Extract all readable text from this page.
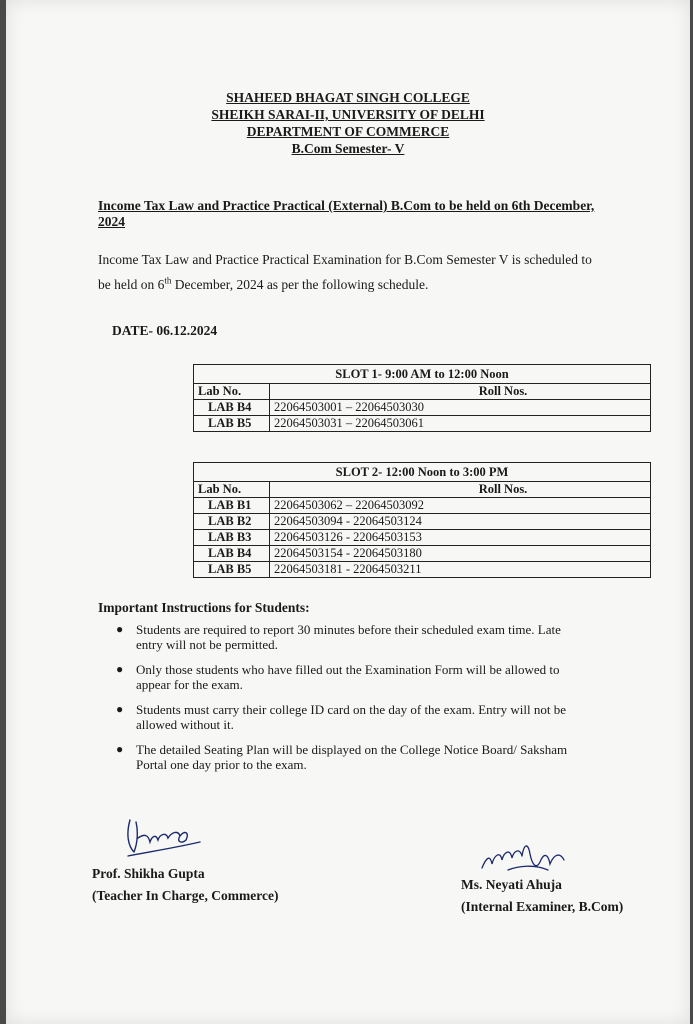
SHAHEED BHAGAT SINGH COLLEGE
SHEIKH SARAI-II, UNIVERSITY OF DELHI
DEPARTMENT OF COMMERCE
B.Com Semester- V
Income Tax Law and Practice Practical (External) B.Com to be held on 6th December, 2024
Income Tax Law and Practice Practical Examination for B.Com Semester V is scheduled to be held on 6th December, 2024 as per the following schedule.
DATE- 06.12.2024
SLOT 1- 9:00 AM to 12:00 Noon	
Lab No.	Roll Nos.
LAB B4	22064503001 – 22064503030
LAB B5	22064503031 – 22064503061
SLOT 2- 12:00 Noon to 3:00 PM	
Lab No.	Roll Nos.
LAB B1	22064503062 – 22064503092
LAB B2	22064503094 - 22064503124
LAB B3	22064503126 - 22064503153
LAB B4	22064503154 - 22064503180
LAB B5	22064503181 - 22064503211
Important Instructions for Students:
● Students are required to report 30 minutes before their scheduled exam time. Late entry will not be permitted.
● Only those students who have filled out the Examination Form will be allowed to appear for the exam.
● Students must carry their college ID card on the day of the exam. Entry will not be allowed without it.
● The detailed Seating Plan will be displayed on the College Notice Board/ Saksham Portal one day prior to the exam.
Prof. Shikha Gupta
(Teacher In Charge, Commerce)
Ms. Neyati Ahuja
(Internal Examiner, B.Com)
